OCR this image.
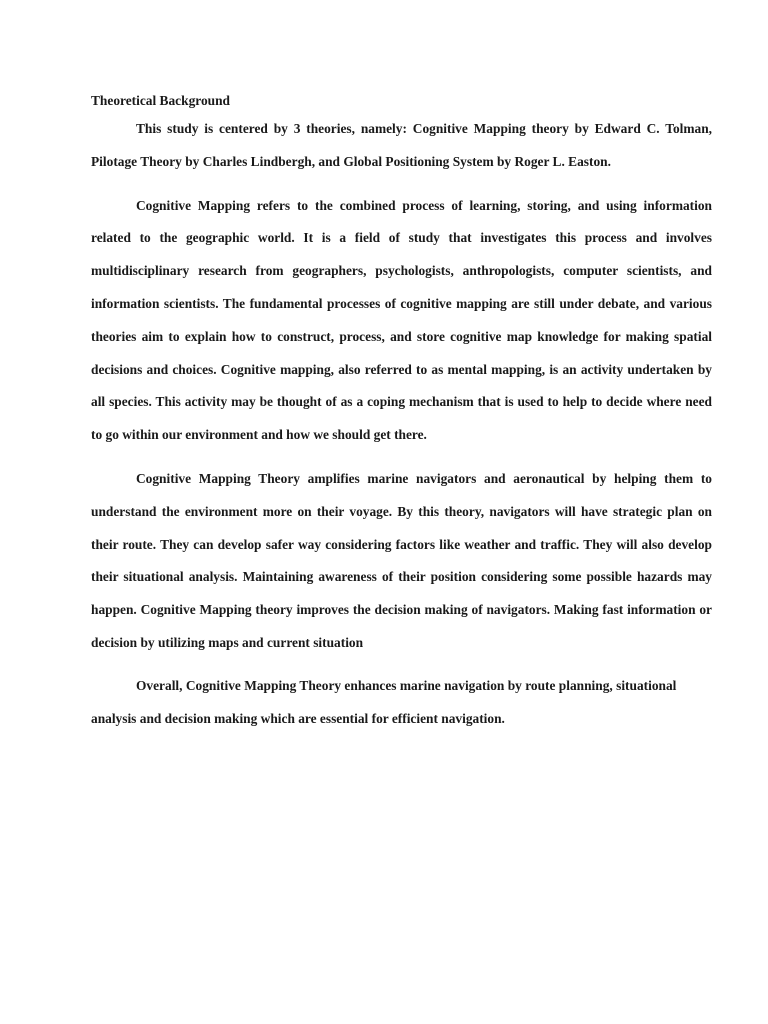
Theoretical Background

This study is centered by 3 theories, namely: Cognitive Mapping theory by Edward C. Tolman, Pilotage Theory by Charles Lindbergh, and Global Positioning System by Roger L. Easton.

Cognitive Mapping refers to the combined process of learning, storing, and using information related to the geographic world. It is a field of study that investigates this process and involves multidisciplinary research from geographers, psychologists, anthropologists, computer scientists, and information scientists. The fundamental processes of cognitive mapping are still under debate, and various theories aim to explain how to construct, process, and store cognitive map knowledge for making spatial decisions and choices. Cognitive mapping, also referred to as mental mapping, is an activity undertaken by all species. This activity may be thought of as a coping mechanism that is used to help to decide where need to go within our environment and how we should get there.

Cognitive Mapping Theory amplifies marine navigators and aeronautical by helping them to understand the environment more on their voyage. By this theory, navigators will have strategic plan on their route. They can develop safer way considering factors like weather and traffic. They will also develop their situational analysis. Maintaining awareness of their position considering some possible hazards may happen. Cognitive Mapping theory improves the decision making of navigators. Making fast information or decision by utilizing maps and current situation

Overall, Cognitive Mapping Theory enhances marine navigation by route planning, situational analysis and decision making which are essential for efficient navigation.
